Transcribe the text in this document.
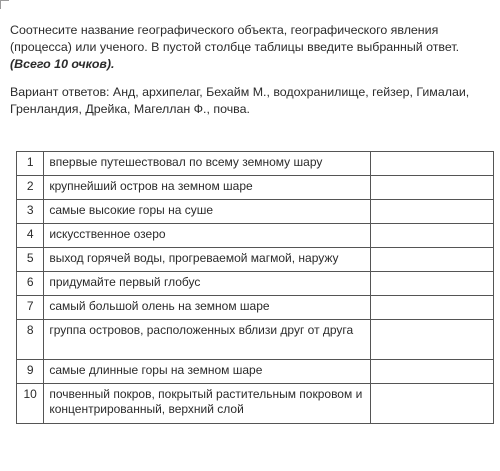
Соотнесите название географического объекта, географического явления
(процесса) или ученого. В пустой столбце таблицы введите выбранный ответ.
(Всего 10 очков).
Вариант ответов: Анд, архипелаг, Бехайм М., водохранилище, гейзер, Гималаи, Гренландия, Дрейка, Магеллан Ф., почва.
1	впервые путешествовал по всему земному шару	
2	крупнейший остров на земном шаре	
3	самые высокие горы на суше	
4	искусственное озеро	
5	выход горячей воды, прогреваемой магмой, наружу	
6	придумайте первый глобус	
7	самый большой олень на земном шаре	
8	группа островов, расположенных вблизи друг от друга	
9	самые длинные горы на земном шаре	
10	почвенный покров, покрытый растительным покровом и концентрированный, верхний слой	
